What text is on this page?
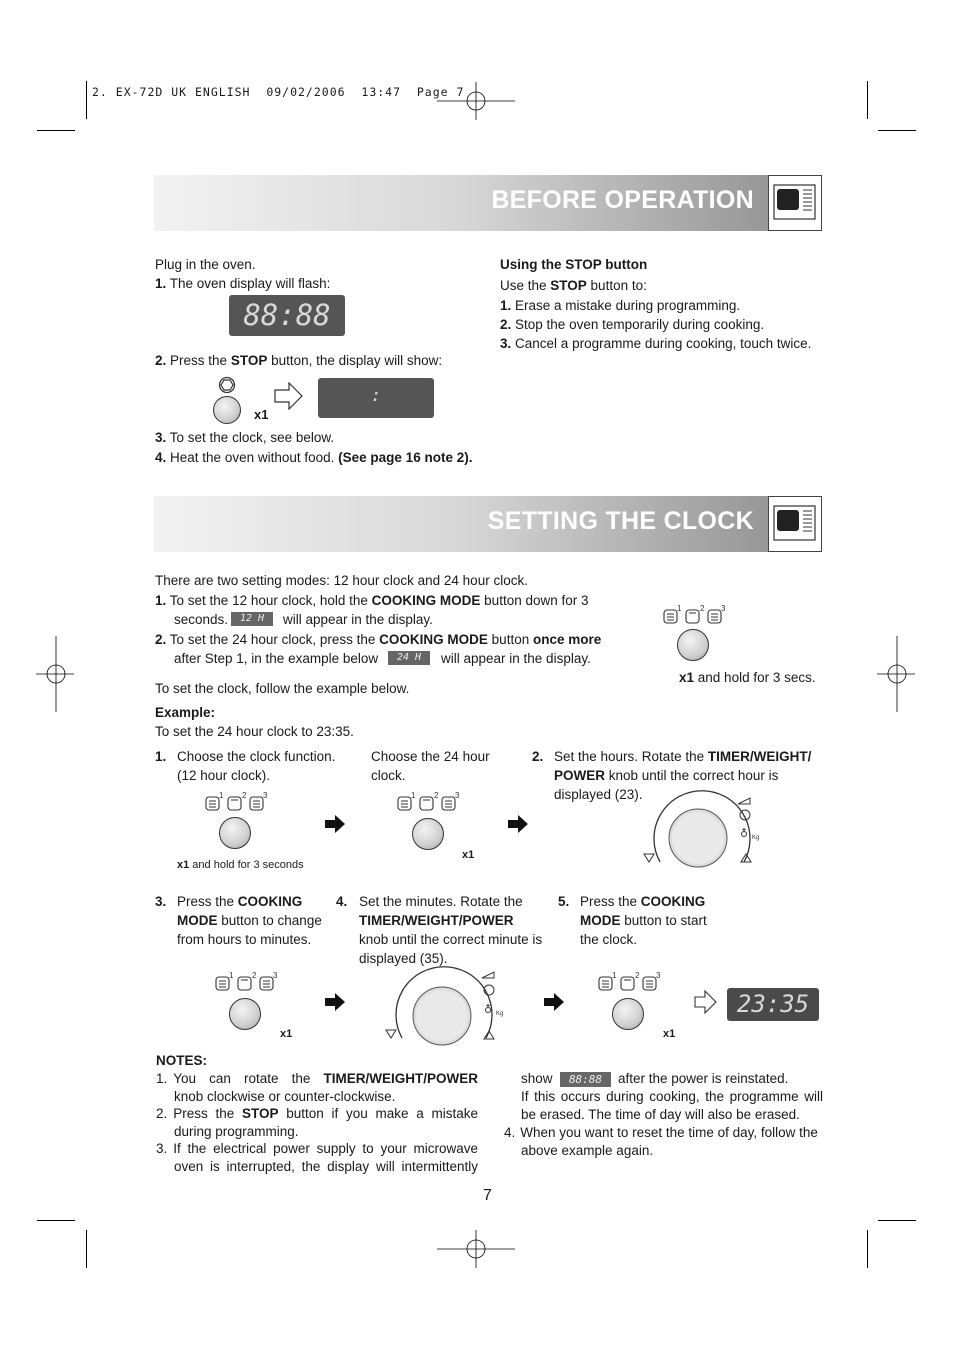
2. EX-72D UK ENGLISH  09/02/2006  13:47  Page 7
BEFORE OPERATION
Plug in the oven.
1. The oven display will flash:
88:88
2. Press the STOP button, the display will show:
x1
:
3. To set the clock, see below.
4. Heat the oven without food. (See page 16 note 2).
Using the STOP button
Use the STOP button to:
1. Erase a mistake during programming.
2. Stop the oven temporarily during cooking.
3. Cancel a programme during cooking, touch twice.
SETTING THE CLOCK
There are two setting modes: 12 hour clock and 24 hour clock.
1. To set the 12 hour clock, hold the COOKING MODE button down for 3
seconds.	12 H	will appear in the display.
2. To set the 24 hour clock, press the COOKING MODE button once more
after Step 1, in the example below	24 H	will appear in the display.
1 2 3
x1 and hold for 3 secs.
To set the clock, follow the example below.
Example:
To set the 24 hour clock to 23:35.
1. Choose the clock function.
(12 hour clock).
1 2 3
x1 and hold for 3 seconds
Choose the 24 hour
clock.
1 2 3
x1
2. Set the hours. Rotate the TIMER/WEIGHT/
POWER knob until the correct hour is
displayed (23).
♁ Kg
3. Press the COOKING
MODE button to change
from hours to minutes.
1 2 3
x1
4. Set the minutes. Rotate the
TIMER/WEIGHT/POWER
knob until the correct minute is
displayed (35).
♁ Kg
5. Press the COOKING
MODE button to start
the clock.
1 2 3
x1
23:35
NOTES:
1. You can rotate the TIMER/WEIGHT/POWER
knob clockwise or counter-clockwise.
2. Press the STOP button if you make a mistake
during programming.
3. If the electrical power supply to your microwave
oven is interrupted, the display will intermittently
show	88:88	after the power is reinstated.
If this occurs during cooking, the programme will
be erased. The time of day will also be erased.
4. When you want to reset the time of day, follow the
above example again.
7
